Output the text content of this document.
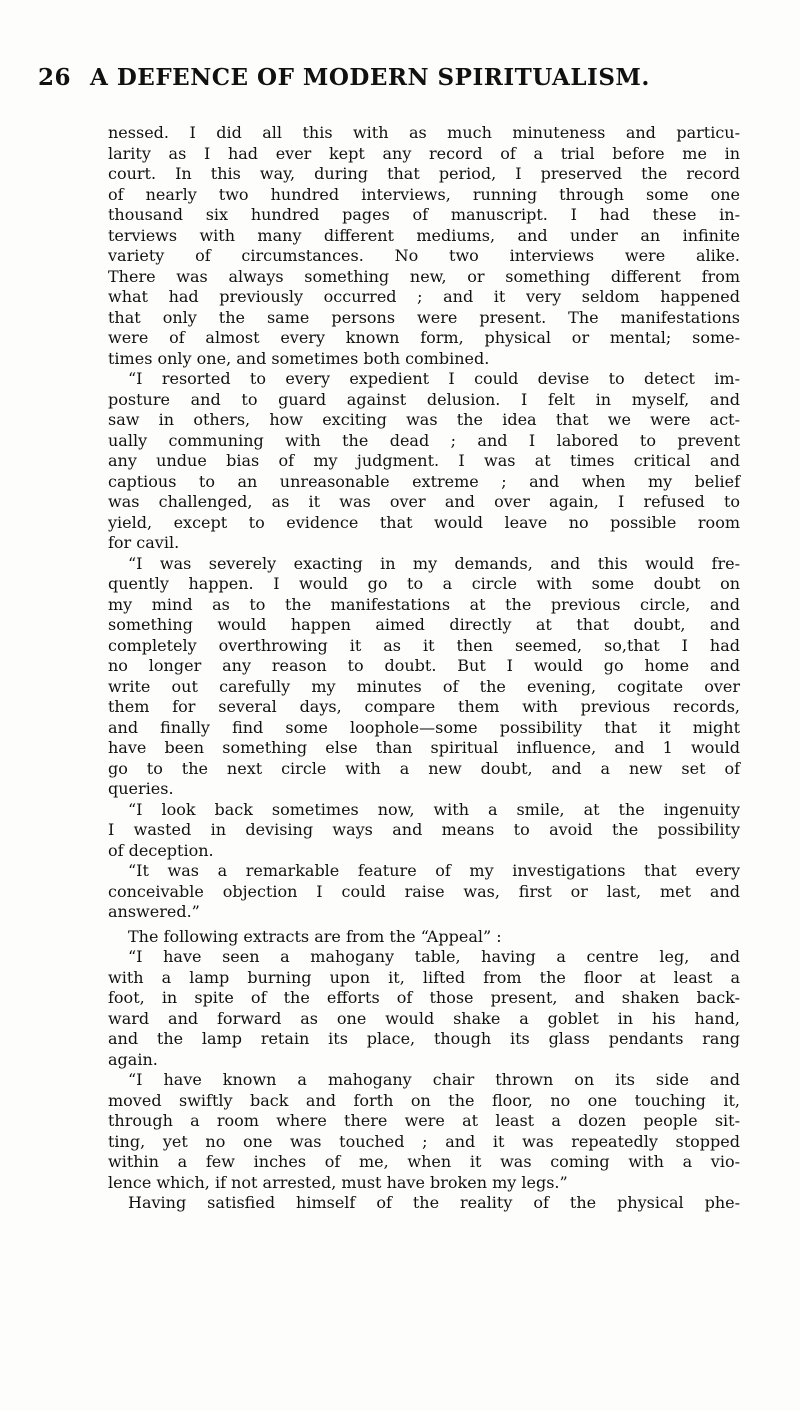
26 A DEFENCE OF MODERN SPIRITUALISM.
nessed. I did all this with as much minuteness and particu-
larity as I had ever kept any record of a trial before me in
court. In this way, during that period, I preserved the record
of nearly two hundred interviews, running through some one
thousand six hundred pages of manuscript. I had these in-
terviews with many different mediums, and under an infinite
variety of circumstances. No two interviews were alike.
There was always something new, or something different from
what had previously occurred ; and it very seldom happened
that only the same persons were present. The manifestations
were of almost every known form, physical or mental; some-
times only one, and sometimes both combined.
“I resorted to every expedient I could devise to detect im-
posture and to guard against delusion. I felt in myself, and
saw in others, how exciting was the idea that we were act-
ually communing with the dead ; and I labored to prevent
any undue bias of my judgment. I was at times critical and
captious to an unreasonable extreme ; and when my belief
was challenged, as it was over and over again, I refused to
yield, except to evidence that would leave no possible room
for cavil.
“I was severely exacting in my demands, and this would fre-
quently happen. I would go to a circle with some doubt on
my mind as to the manifestations at the previous circle, and
something would happen aimed directly at that doubt, and
completely overthrowing it as it then seemed, so,that I had
no longer any reason to doubt. But I would go home and
write out carefully my minutes of the evening, cogitate over
them for several days, compare them with previous records,
and finally find some loophole—some possibility that it might
have been something else than spiritual influence, and 1 would
go to the next circle with a new doubt, and a new set of
queries.
“I look back sometimes now, with a smile, at the ingenuity
I wasted in devising ways and means to avoid the possibility
of deception.
“It was a remarkable feature of my investigations that every
conceivable objection I could raise was, first or last, met and
answered.”
The following extracts are from the “Appeal” :
“I have seen a mahogany table, having a centre leg, and
with a lamp burning upon it, lifted from the floor at least a
foot, in spite of the efforts of those present, and shaken back-
ward and forward as one would shake a goblet in his hand,
and the lamp retain its place, though its glass pendants rang
again.
“I have known a mahogany chair thrown on its side and
moved swiftly back and forth on the floor, no one touching it,
through a room where there were at least a dozen people sit-
ting, yet no one was touched ; and it was repeatedly stopped
within a few inches of me, when it was coming with a vio-
lence which, if not arrested, must have broken my legs.”
Having satisfied himself of the reality of the physical phe-
